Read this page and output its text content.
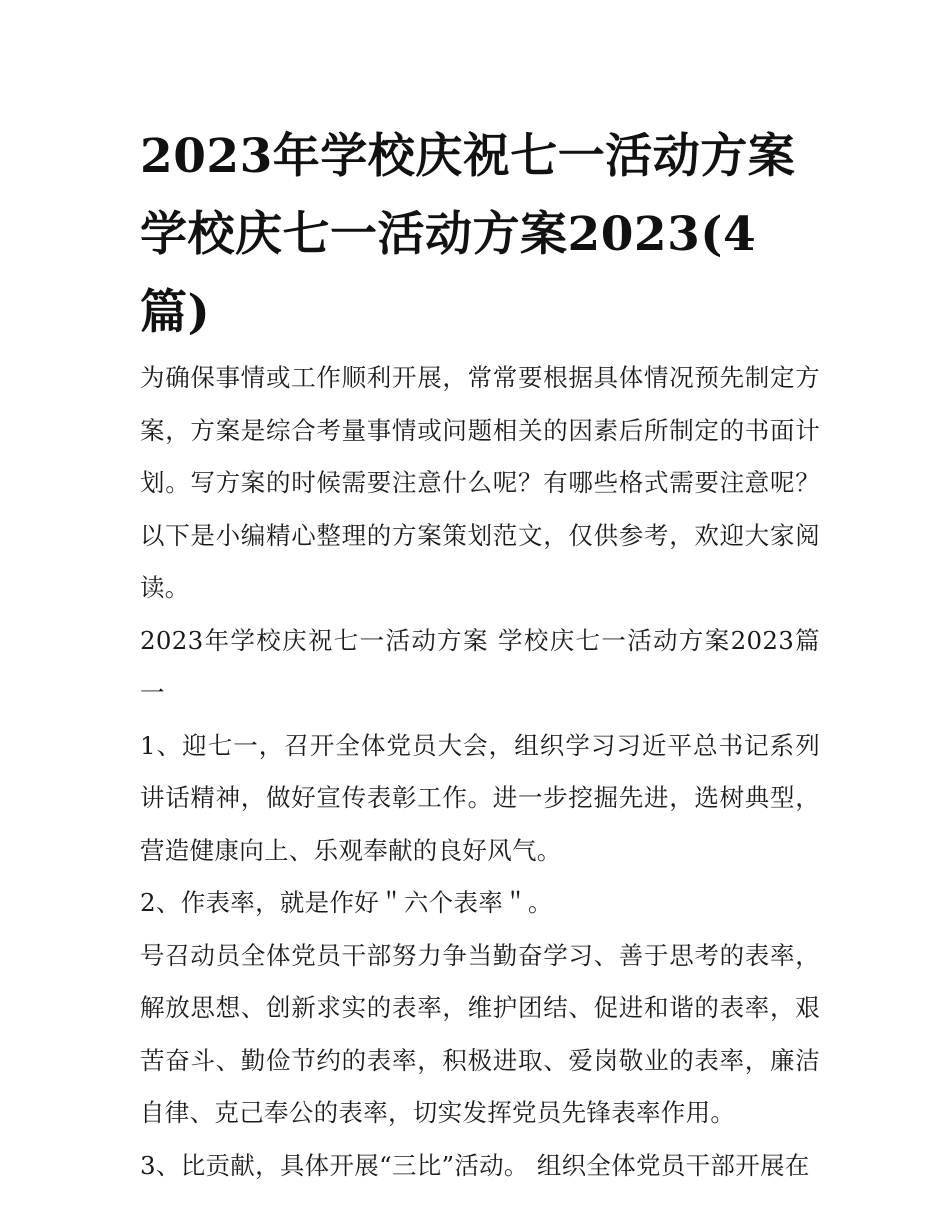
2023年学校庆祝七一活动方案 学校庆七一活动方案2023(4篇)

为确保事情或工作顺利开展，常常要根据具体情况预先制定方案，方案是综合考量事情或问题相关的因素后所制定的书面计划。写方案的时候需要注意什么呢？有哪些格式需要注意呢？以下是小编精心整理的方案策划范文，仅供参考，欢迎大家阅读。

2023年学校庆祝七一活动方案 学校庆七一活动方案2023篇一

1、迎七一，召开全体党员大会，组织学习习近平总书记系列讲话精神，做好宣传表彰工作。进一步挖掘先进，选树典型，营造健康向上、乐观奉献的良好风气。

2、作表率，就是作好＂六个表率＂。

号召动员全体党员干部努力争当勤奋学习、善于思考的表率，解放思想、创新求实的表率，维护团结、促进和谐的表率，艰苦奋斗、勤俭节约的表率，积极进取、爱岗敬业的表率，廉洁自律、克己奉公的表率，切实发挥党员先锋表率作用。

3、比贡献，具体开展“三比”活动。 组织全体党员干部开展在
